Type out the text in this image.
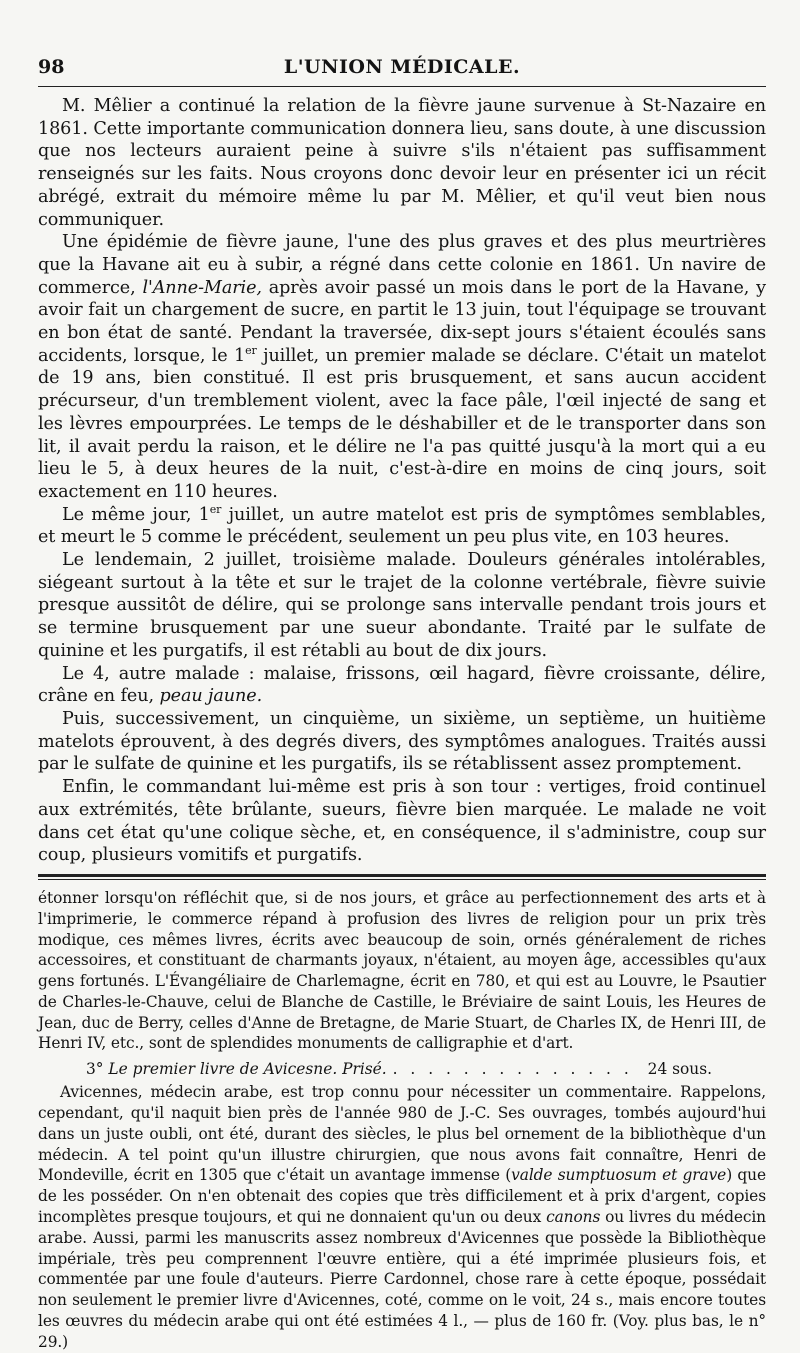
98	L'UNION MÉDICALE.

M. Mêlier a continué la relation de la fièvre jaune survenue à St-Nazaire en 1861. Cette importante communication donnera lieu, sans doute, à une discussion que nos lecteurs auraient peine à suivre s'ils n'étaient pas suffisamment renseignés sur les faits. Nous croyons donc devoir leur en présenter ici un récit abrégé, extrait du mémoire même lu par M. Mêlier, et qu'il veut bien nous communiquer.

Une épidémie de fièvre jaune, l'une des plus graves et des plus meurtrières que la Havane ait eu à subir, a régné dans cette colonie en 1861. Un navire de commerce, l'Anne-Marie, après avoir passé un mois dans le port de la Havane, y avoir fait un chargement de sucre, en partit le 13 juin, tout l'équipage se trouvant en bon état de santé. Pendant la traversée, dix-sept jours s'étaient écoulés sans accidents, lorsque, le 1er juillet, un premier malade se déclare. C'était un matelot de 19 ans, bien constitué. Il est pris brusquement, et sans aucun accident précurseur, d'un tremblement violent, avec la face pâle, l'œil injecté de sang et les lèvres empourprées. Le temps de le déshabiller et de le transporter dans son lit, il avait perdu la raison, et le délire ne l'a pas quitté jusqu'à la mort qui a eu lieu le 5, à deux heures de la nuit, c'est-à-dire en moins de cinq jours, soit exactement en 110 heures.

Le même jour, 1er juillet, un autre matelot est pris de symptômes semblables, et meurt le 5 comme le précédent, seulement un peu plus vite, en 103 heures.

Le lendemain, 2 juillet, troisième malade. Douleurs générales intolérables, siégeant surtout à la tête et sur le trajet de la colonne vertébrale, fièvre suivie presque aussitôt de délire, qui se prolonge sans intervalle pendant trois jours et se termine brusquement par une sueur abondante. Traité par le sulfate de quinine et les purgatifs, il est rétabli au bout de dix jours.

Le 4, autre malade : malaise, frissons, œil hagard, fièvre croissante, délire, crâne en feu, peau jaune.

Puis, successivement, un cinquième, un sixième, un septième, un huitième matelots éprouvent, à des degrés divers, des symptômes analogues. Traités aussi par le sulfate de quinine et les purgatifs, ils se rétablissent assez promptement.

Enfin, le commandant lui-même est pris à son tour : vertiges, froid continuel aux extrémités, tête brûlante, sueurs, fièvre bien marquée. Le malade ne voit dans cet état qu'une colique sèche, et, en conséquence, il s'administre, coup sur coup, plusieurs vomitifs et purgatifs.

étonner lorsqu'on réfléchit que, si de nos jours, et grâce au perfectionnement des arts et à l'imprimerie, le commerce répand à profusion des livres de religion pour un prix très modique, ces mêmes livres, écrits avec beaucoup de soin, ornés généralement de riches accessoires, et constituant de charmants joyaux, n'étaient, au moyen âge, accessibles qu'aux gens fortunés. L'Évangéliaire de Charlemagne, écrit en 780, et qui est au Louvre, le Psautier de Charles-le-Chauve, celui de Blanche de Castille, le Bréviaire de saint Louis, les Heures de Jean, duc de Berry, celles d'Anne de Bretagne, de Marie Stuart, de Charles IX, de Henri III, de Henri IV, etc., sont de splendides monuments de calligraphie et d'art.

3°
Le premier livre de Avicesne. Prisé.
. . .	24 sous.

Avicennes, médecin arabe, est trop connu pour nécessiter un commentaire. Rappelons, cependant, qu'il naquit bien près de l'année 980 de J.-C. Ses ouvrages, tombés aujourd'hui dans un juste oubli, ont été, durant des siècles, le plus bel ornement de la bibliothèque d'un médecin. A tel point qu'un illustre chirurgien, que nous avons fait connaître, Henri de Mondeville, écrit en 1305 que c'était un avantage immense (valde sumptuosum et grave) que de les posséder. On n'en obtenait des copies que très difficilement et à prix d'argent, copies incomplètes presque toujours, et qui ne donnaient qu'un ou deux canons ou livres du médecin arabe. Aussi, parmi les manuscrits assez nombreux d'Avicennes que possède la Bibliothèque impériale, très peu comprennent l'œuvre entière, qui a été imprimée plusieurs fois, et commentée par une foule d'auteurs. Pierre Cardonnel, chose rare à cette époque, possédait non seulement le premier livre d'Avicennes, coté, comme on le voit, 24 s., mais encore toutes les œuvres du médecin arabe qui ont été estimées 4 l., — plus de 160 fr. (Voy. plus bas, le n° 29.)
